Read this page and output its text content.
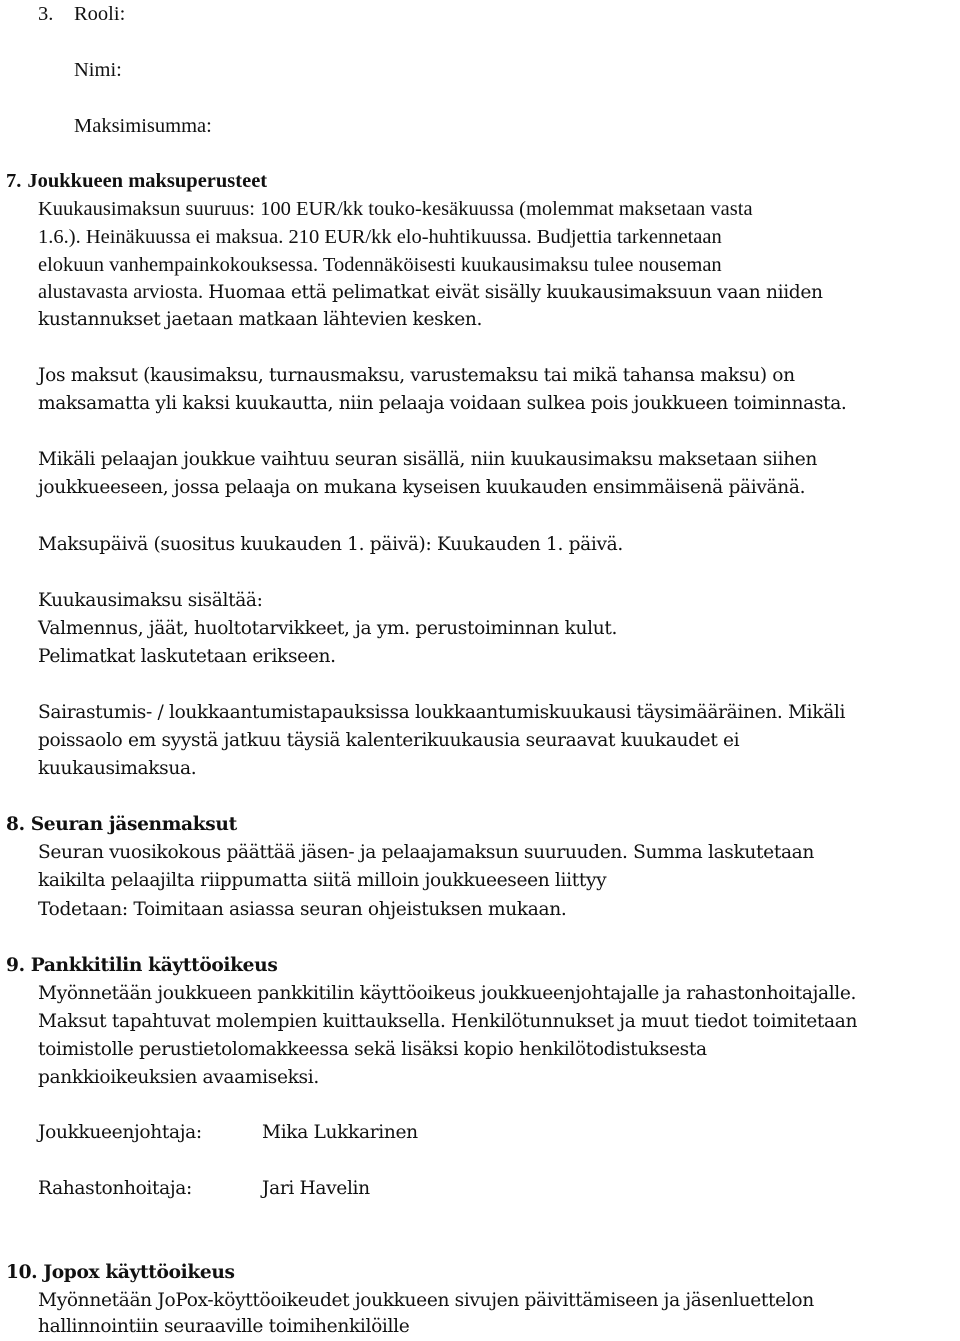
3. Rooli:
Nimi:
Maksimisumma:
7. Joukkueen maksuperusteet
Kuukausimaksun suuruus: 100 EUR/kk touko-kesäkuussa (molemmat maksetaan vasta
1.6.). Heinäkuussa ei maksua. 210 EUR/kk elo-huhtikuussa. Budjettia tarkennetaan
elokuun vanhempainkokouksessa. Todennäköisesti kuukausimaksu tulee nouseman
alustavasta arviosta. Huomaa että pelimatkat eivät sisälly kuukausimaksuun vaan niiden
kustannukset jaetaan matkaan lähtevien kesken.
Jos maksut (kausimaksu, turnausmaksu, varustemaksu tai mikä tahansa maksu) on
maksamatta yli kaksi kuukautta, niin pelaaja voidaan sulkea pois joukkueen toiminnasta.
Mikäli pelaajan joukkue vaihtuu seuran sisällä, niin kuukausimaksu maksetaan siihen
joukkueeseen, jossa pelaaja on mukana kyseisen kuukauden ensimmäisenä päivänä.
Maksupäivä (suositus kuukauden 1. päivä): Kuukauden 1. päivä.
Kuukausimaksu sisältää:
Valmennus, jäät, huoltotarvikkeet, ja ym. perustoiminnan kulut.
Pelimatkat laskutetaan erikseen.
Sairastumis- / loukkaantumistapauksissa loukkaantumiskuukausi täysimääräinen. Mikäli
poissaolo em syystä jatkuu täysiä kalenterikuukausia seuraavat kuukaudet ei
kuukausimaksua.
8. Seuran jäsenmaksut
Seuran vuosikokous päättää jäsen- ja pelaajamaksun suuruuden. Summa laskutetaan
kaikilta pelaajilta riippumatta siitä milloin joukkueeseen liittyy
Todetaan: Toimitaan asiassa seuran ohjeistuksen mukaan.
9. Pankkitilin käyttöoikeus
Myönnetään joukkueen pankkitilin käyttöoikeus joukkueenjohtajalle ja rahastonhoitajalle.
Maksut tapahtuvat molempien kuittauksella. Henkilötunnukset ja muut tiedot toimitetaan
toimistolle perustietolomakkeessa sekä lisäksi kopio henkilötodistuksesta
pankkioikeuksien avaamiseksi.
Joukkueenjohtaja:	Mika Lukkarinen
Rahastonhoitaja:	Jari Havelin
10. Jopox käyttöoikeus
Myönnetään JoPox-köyttöoikeudet joukkueen sivujen päivittämiseen ja jäsenluettelon
hallinnointiin seuraaville toimihenkilöille
